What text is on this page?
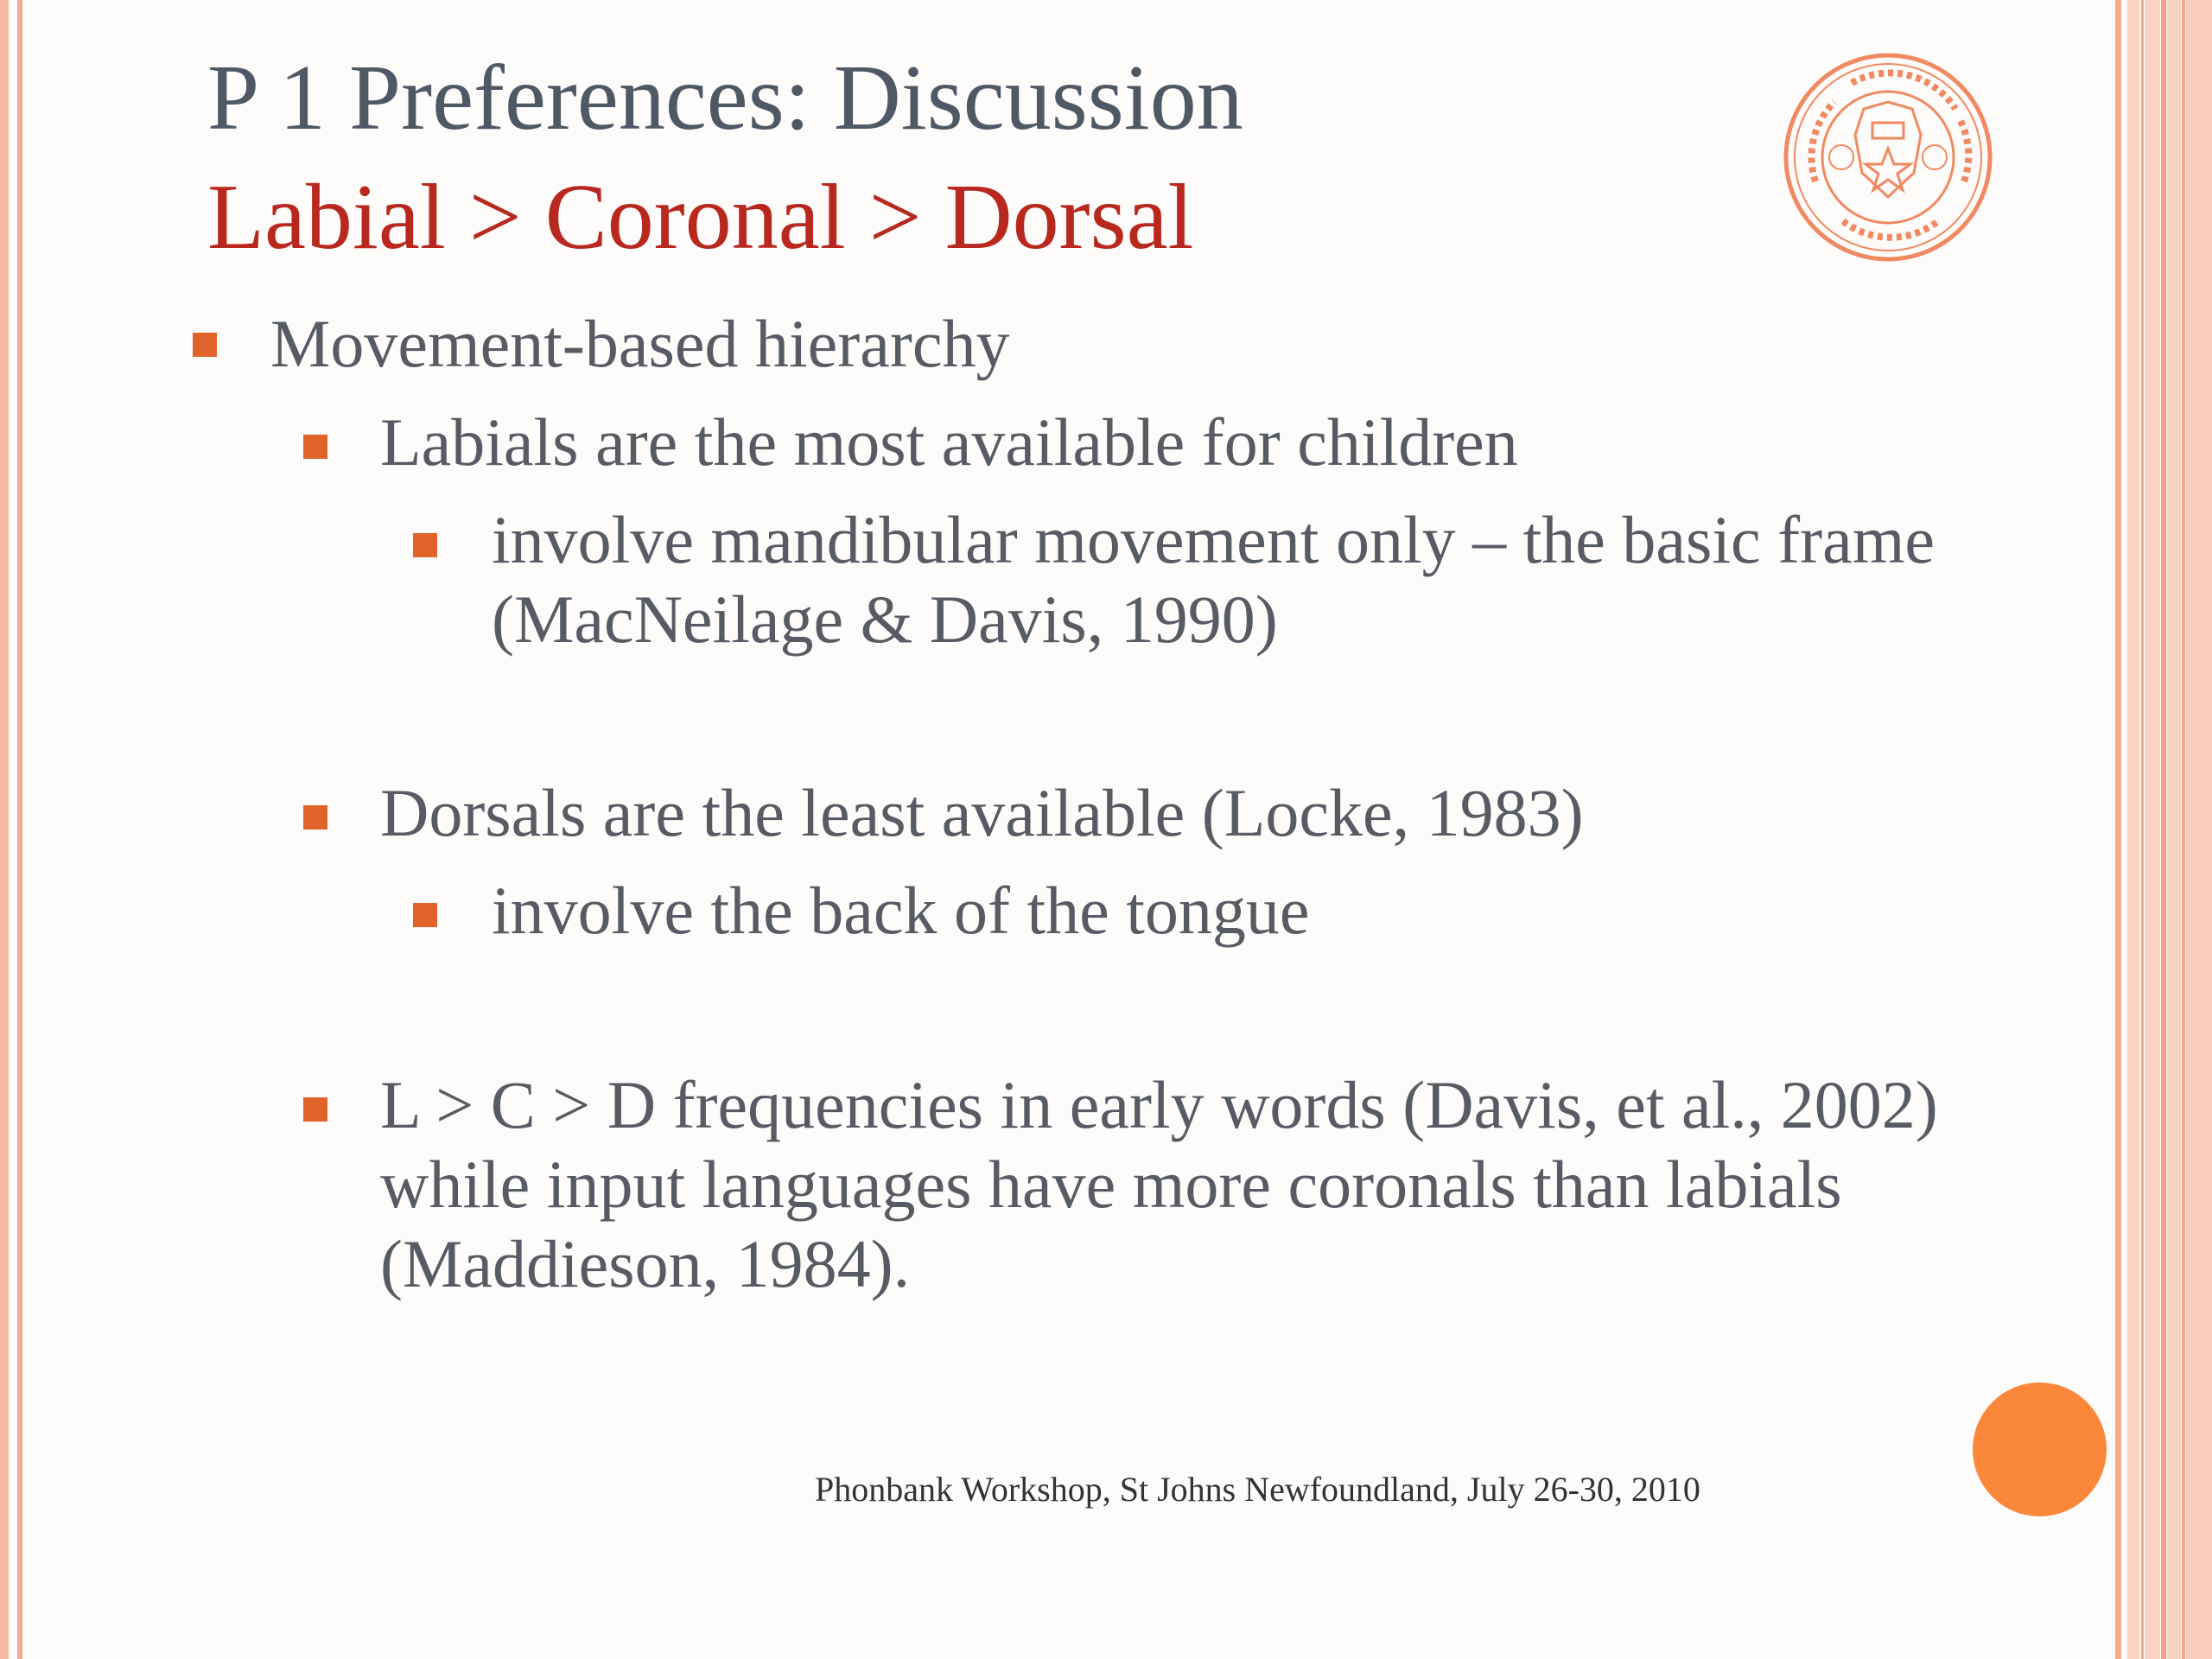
P 1 Preferences: Discussion
Labial > Coronal > Dorsal
Movement-based hierarchy
Labials are the most available for children
involve mandibular movement only – the basic frame
(MacNeilage & Davis, 1990)
Dorsals are the least available (Locke, 1983)
involve the back of the tongue
L > C > D frequencies in early words (Davis, et al., 2002)
while input languages have more coronals than labials
(Maddieson, 1984).
Phonbank Workshop, St Johns Newfoundland, July 26-30, 2010
